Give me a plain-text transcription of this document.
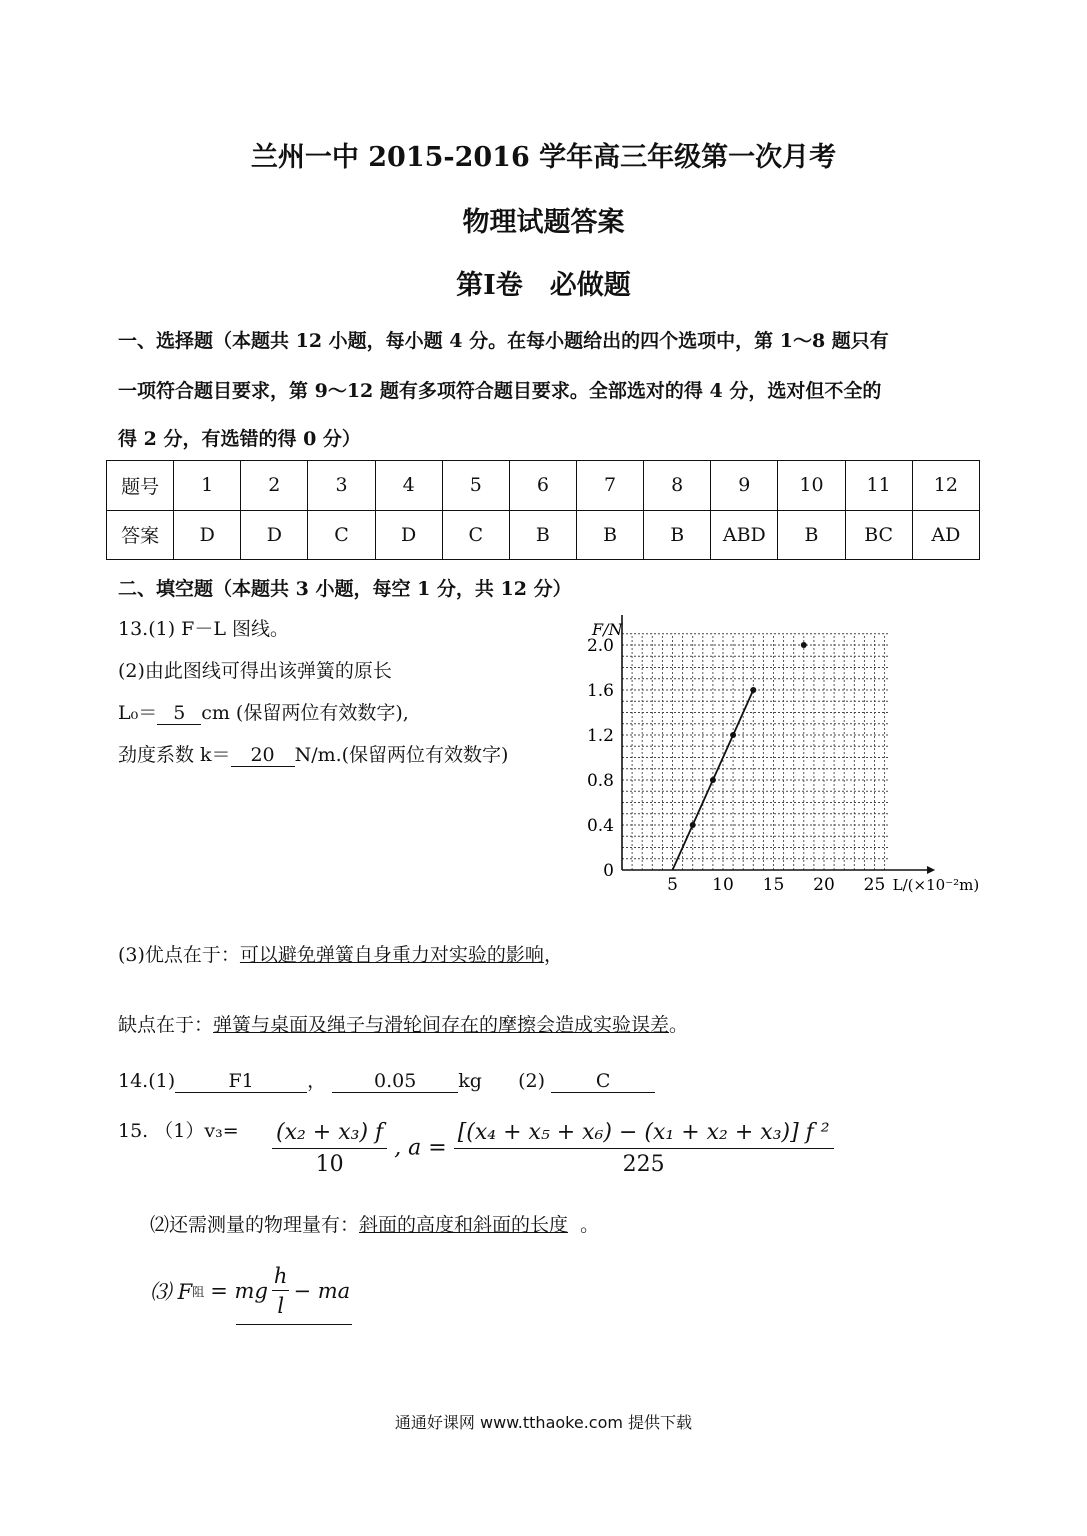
兰州一中 2015-2016 学年高三年级第一次月考
物理试题答案
第Ⅰ卷　必做题
一、选择题（本题共 12 小题，每小题 4 分。在每小题给出的四个选项中，第 1～8 题只有
一项符合题目要求，第 9～12 题有多项符合题目要求。全部选对的得 4 分，选对但不全的
得 2 分，有选错的得 0 分）
题号	1	2	3	4	5	6	7	8	9	10	11	12
答案	D	D	C	D	C	B	B	B	ABD	B	BC	AD
二、填空题（本题共 3 小题，每空 1 分，共 12 分）
13.(1) F－L 图线。
(2)由此图线可得出该弹簧的原长
L₀＝ 5 cm (保留两位有效数字),
劲度系数 k＝ 20 N/m.(保留两位有效数字)
0
0.4
0.8
1.2
1.6
2.0
5 10 15 20 25
F/N
L/(×10⁻²m)
(3)优点在于：可以避免弹簧自身重力对实验的影响，
缺点在于：弹簧与桌面及绳子与滑轮间存在的摩擦会造成实验误差。
14.(1)	F1	，	0.05 kg (2)	C
15. $(1)v_3= \frac{\text{(x₂ + x₃) f}}{10}$ , $a = \frac{\text{[(x₄ + x₅ + x₆) − (x₁ + x₂ + x₃)] f ²}}{225}$
⑵还需测量的物理量有：斜面的高度和斜面的长度 。
⑶ F 阻 = mg $\frac{h}{l}$ − ma
通通好课网 www.tthaoke.com 提供下载
